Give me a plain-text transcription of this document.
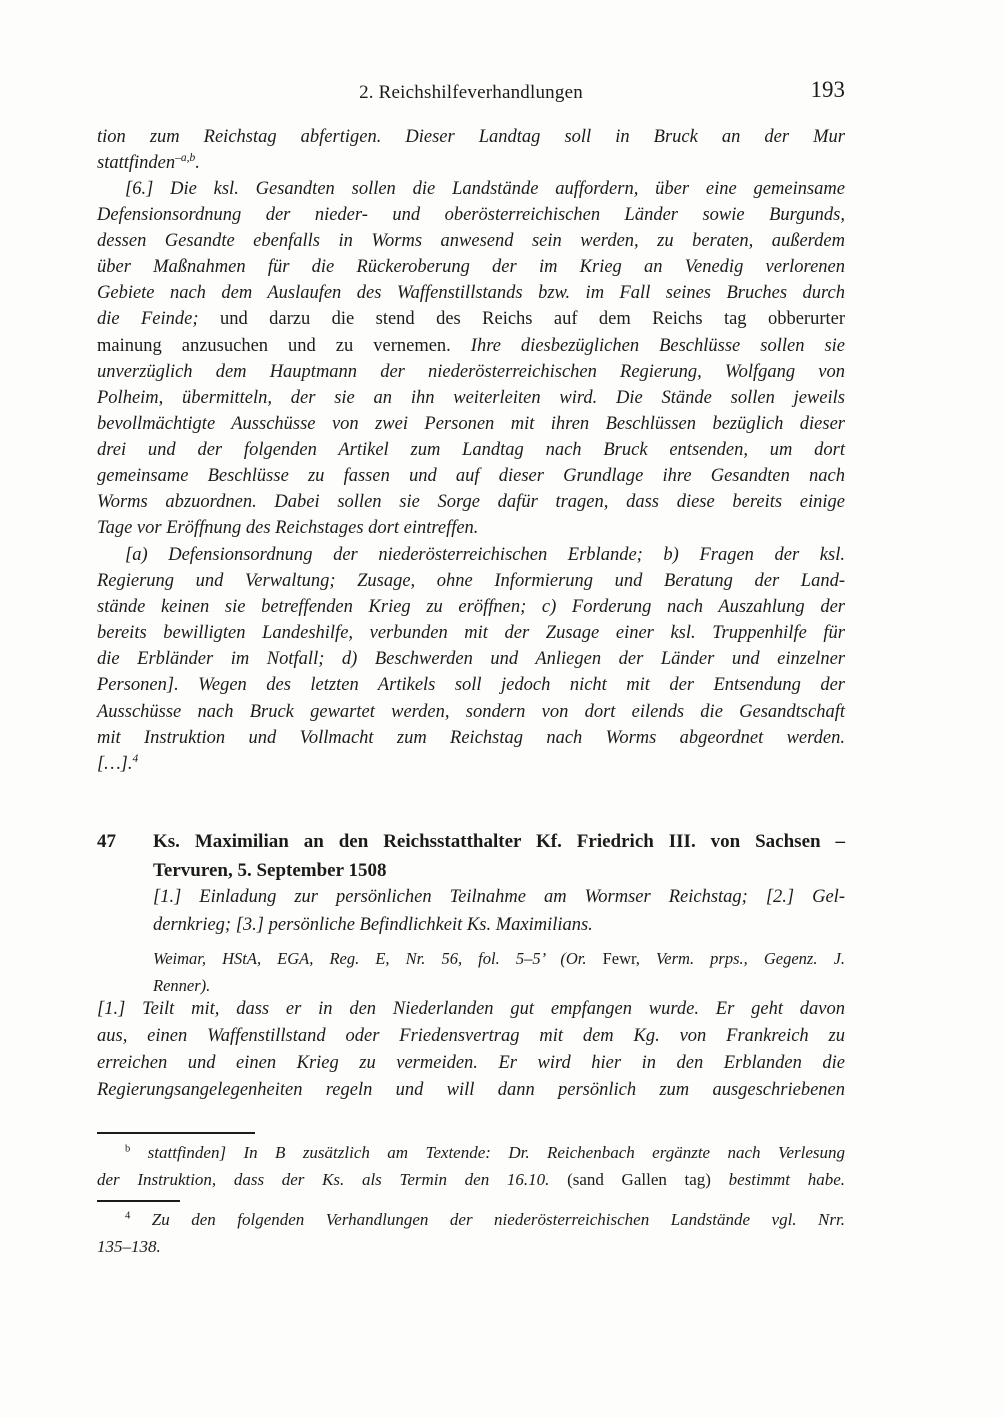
2. Reichshilfeverhandlungen	193
tion zum Reichstag abfertigen. Dieser Landtag soll in Bruck an der Mur
stattfinden$^{-a,b}$.
[6.] Die ksl. Gesandten sollen die Landstände auffordern, über eine gemeinsame
Defensionsordnung der nieder- und oberösterreichischen Länder sowie Burgunds,
dessen Gesandte ebenfalls in Worms anwesend sein werden, zu beraten, außerdem
über Maßnahmen für die Rückeroberung der im Krieg an Venedig verlorenen
Gebiete nach dem Auslaufen des Waffenstillstands bzw. im Fall seines Bruches durch
die Feinde; und darzu die stend des Reichs auf dem Reichs tag obberurter
mainung anzusuchen und zu vernemen. Ihre diesbezüglichen Beschlüsse sollen sie
unverzüglich dem Hauptmann der niederösterreichischen Regierung, Wolfgang von
Polheim, übermitteln, der sie an ihn weiterleiten wird. Die Stände sollen jeweils
bevollmächtigte Ausschüsse von zwei Personen mit ihren Beschlüssen bezüglich dieser
drei und der folgenden Artikel zum Landtag nach Bruck entsenden, um dort
gemeinsame Beschlüsse zu fassen und auf dieser Grundlage ihre Gesandten nach
Worms abzuordnen. Dabei sollen sie Sorge dafür tragen, dass diese bereits einige
Tage vor Eröffnung des Reichstages dort eintreffen.
[a) Defensionsordnung der niederösterreichischen Erblande; b) Fragen der ksl.
Regierung und Verwaltung; Zusage, ohne Informierung und Beratung der Land-
stände keinen sie betreffenden Krieg zu eröffnen; c) Forderung nach Auszahlung der
bereits bewilligten Landeshilfe, verbunden mit der Zusage einer ksl. Truppenhilfe für
die Erbländer im Notfall; d) Beschwerden und Anliegen der Länder und einzelner
Personen]. Wegen des letzten Artikels soll jedoch nicht mit der Entsendung der
Ausschüsse nach Bruck gewartet werden, sondern von dort eilends die Gesandtschaft
mit Instruktion und Vollmacht zum Reichstag nach Worms abgeordnet werden.
[…].$^4$
47	Ks. Maximilian an den Reichsstatthalter Kf. Friedrich III. von Sachsen –
Tervuren, 5. September 1508
[1.] Einladung zur persönlichen Teilnahme am Wormser Reichstag; [2.] Gel-
dernkrieg; [3.] persönliche Befindlichkeit Ks. Maximilians.
Weimar, HStA, EGA, Reg. E, Nr. 56, fol. 5–5’ (Or. Fewr, Verm. prps., Gegenz. J.
Renner).
[1.] Teilt mit, dass er in den Niederlanden gut empfangen wurde. Er geht davon
aus, einen Waffenstillstand oder Friedensvertrag mit dem Kg. von Frankreich zu
erreichen und einen Krieg zu vermeiden. Er wird hier in den Erblanden die
Regierungsangelegenheiten regeln und will dann persönlich zum ausgeschriebenen
$^b$ stattfinden] In B zusätzlich am Textende: Dr. Reichenbach ergänzte nach Verlesung
der Instruktion, dass der Ks. als Termin den 16.10. (sand Gallen tag) bestimmt habe.
$^4$ Zu den folgenden Verhandlungen der niederösterreichischen Landstände vgl. Nrr.
135–138.
